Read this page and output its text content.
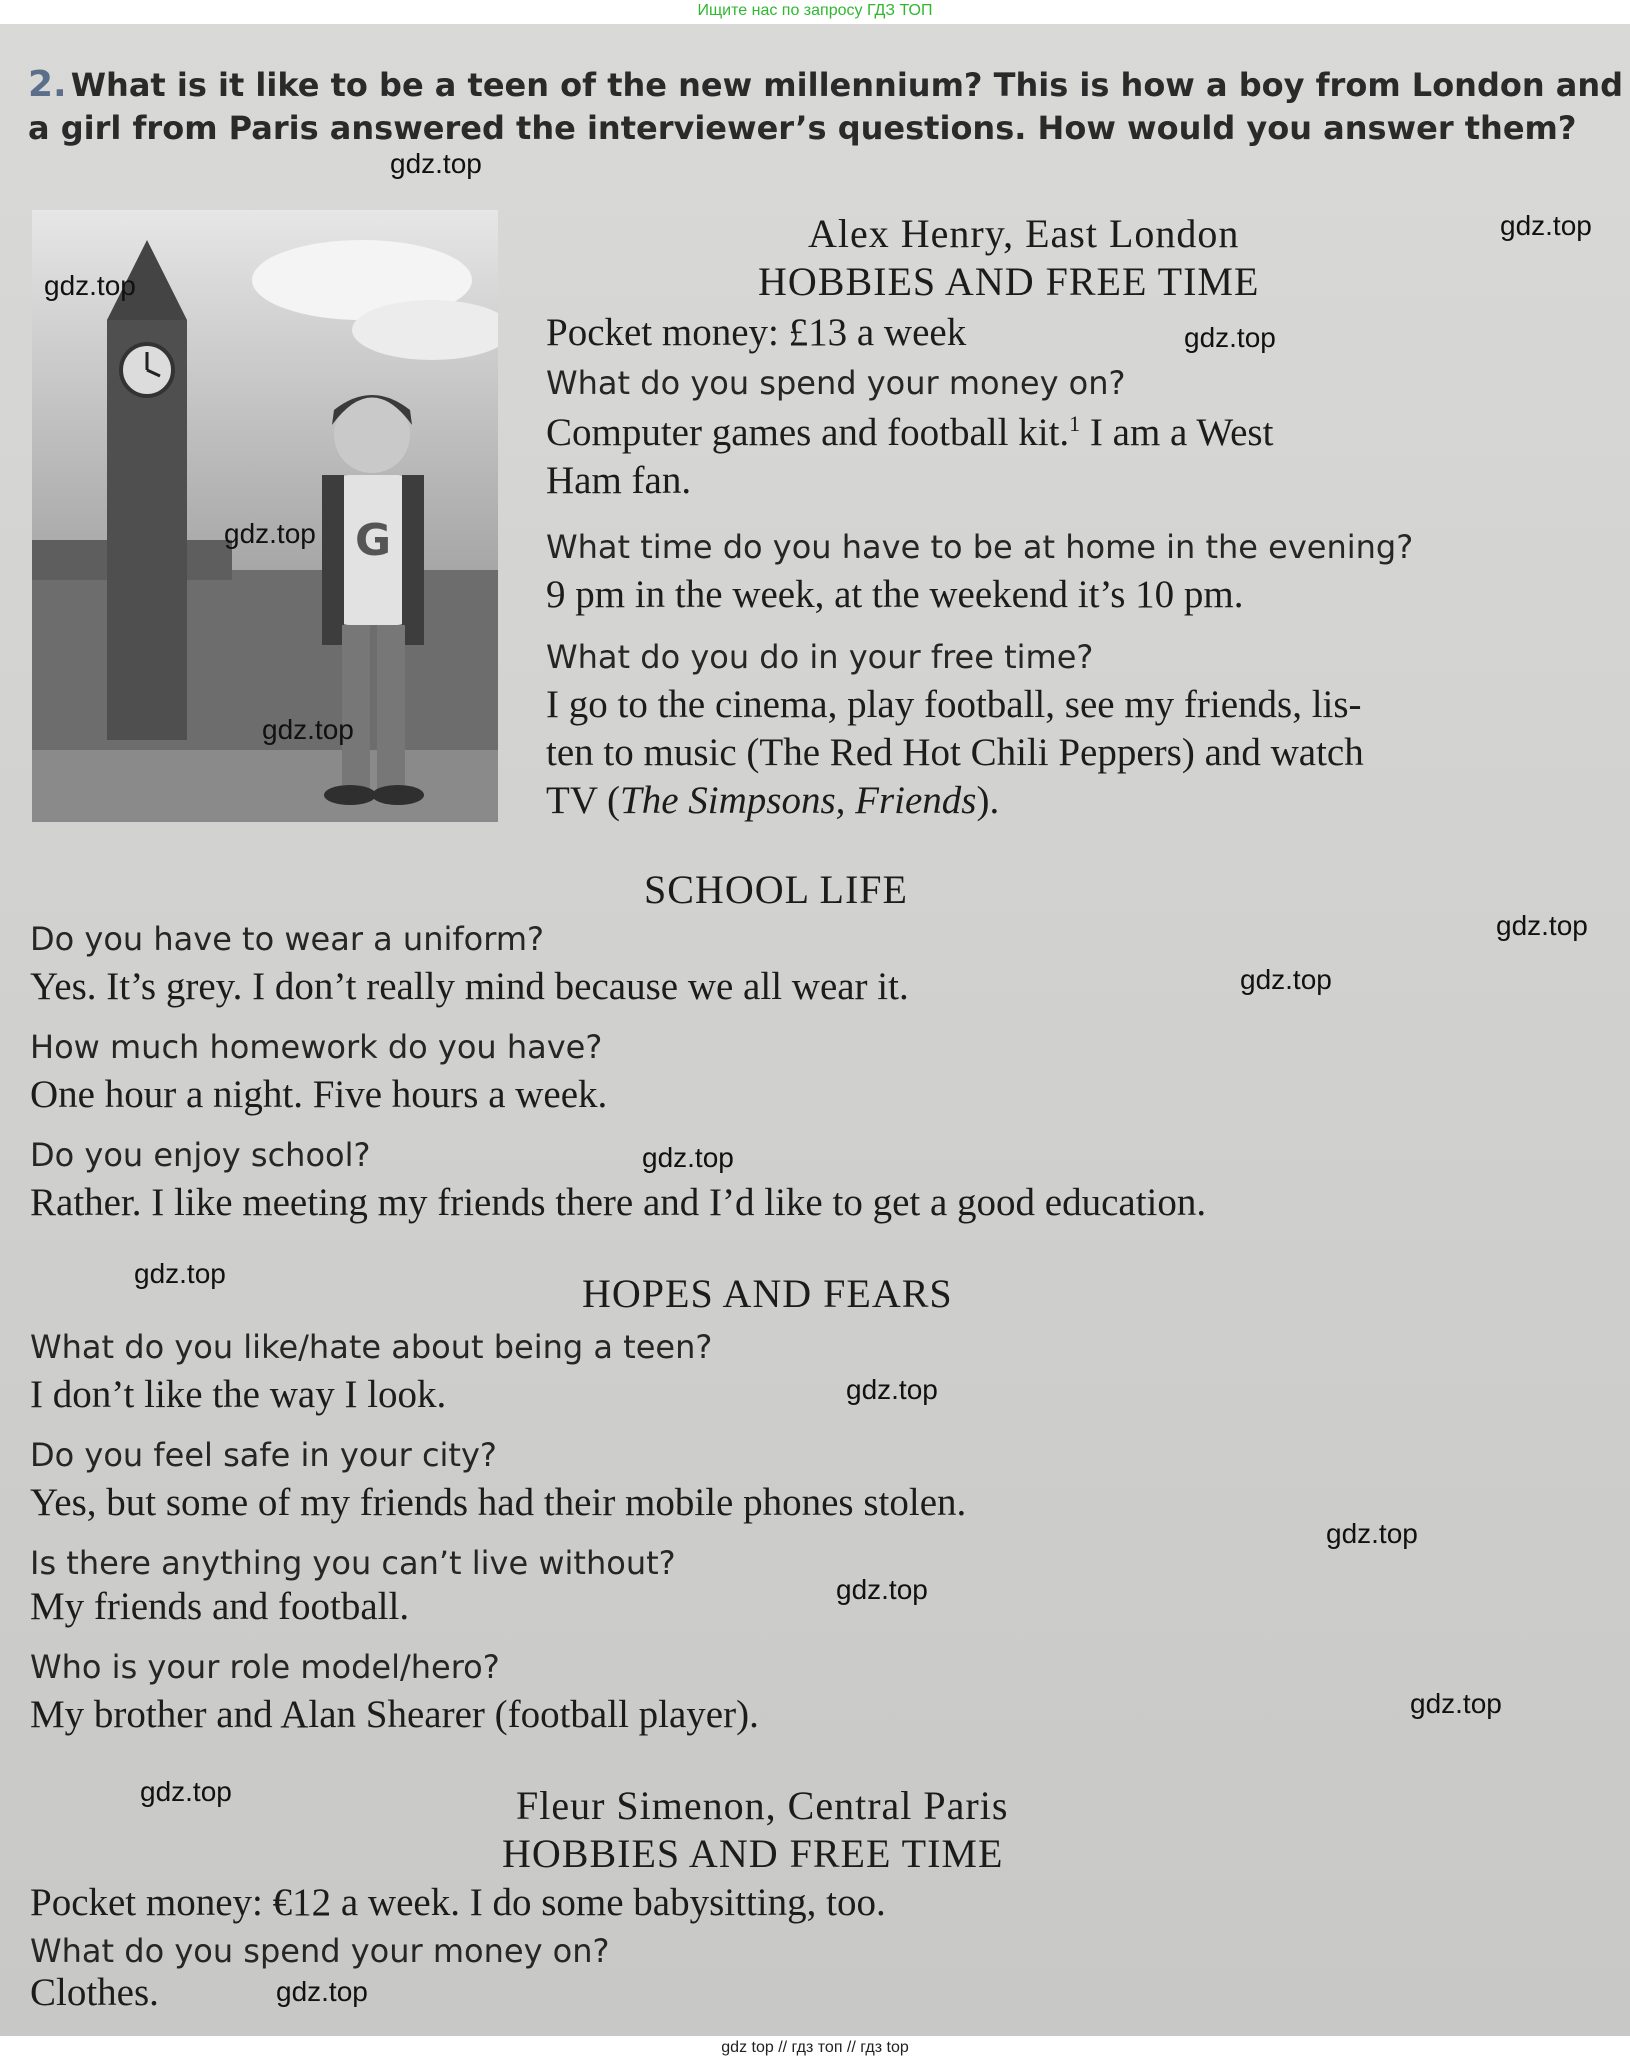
Ищите нас по запросу ГДЗ ТОП
2. What is it like to be a teen of the new millennium? This is how a boy from London and
a girl from Paris answered the interviewer’s questions. How would you answer them?
G
Alex Henry, East London
HOBBIES AND FREE TIME
Pocket money: £13 a week
What do you spend your money on?
Computer games and football kit.$^1$ I am a West
Ham fan.
What time do you have to be at home in the evening?
9 pm in the week, at the weekend it’s 10 pm.
What do you do in your free time?
I go to the cinema, play football, see my friends, lis-
ten to music (The Red Hot Chili Peppers) and watch
TV (The Simpsons, Friends).
SCHOOL LIFE
Do you have to wear a uniform?
Yes. It’s grey. I don’t really mind because we all wear it.
How much homework do you have?
One hour a night. Five hours a week.
Do you enjoy school?
Rather. I like meeting my friends there and I’d like to get a good education.
HOPES AND FEARS
What do you like/hate about being a teen?
I don’t like the way I look.
Do you feel safe in your city?
Yes, but some of my friends had their mobile phones stolen.
Is there anything you can’t live without?
My friends and football.
Who is your role model/hero?
My brother and Alan Shearer (football player).
Fleur Simenon, Central Paris
HOBBIES AND FREE TIME
Pocket money: €12 a week. I do some babysitting, too.
What do you spend your money on?
Clothes.
gdz.top
gdz.top
gdz.top
gdz.top
gdz.top
gdz.top
gdz.top
gdz.top
gdz.top
gdz.top
gdz.top
gdz.top
gdz.top
gdz.top
gdz.top
gdz.top
gdz top // гдз топ // гдз top
